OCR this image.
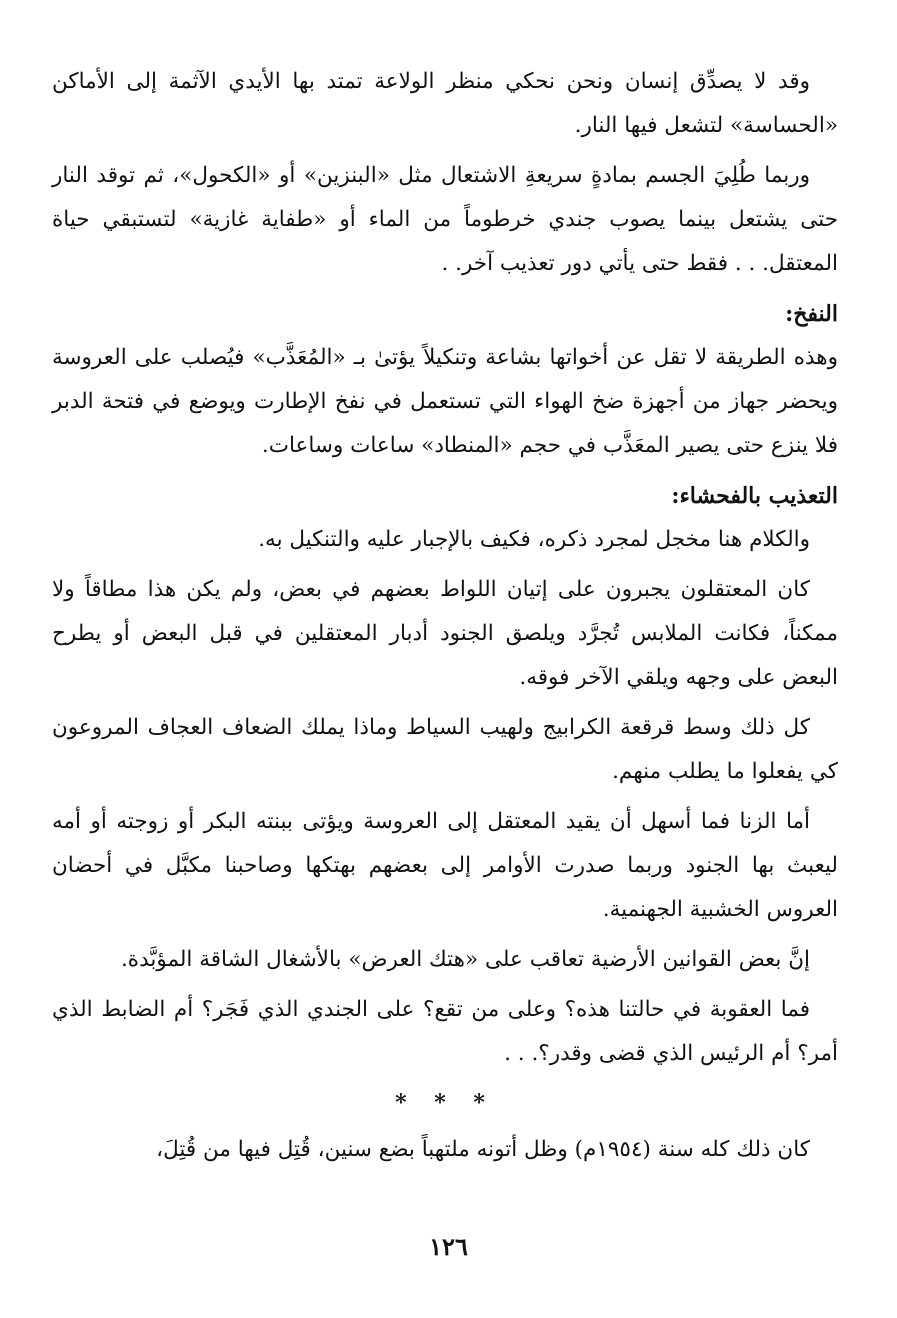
وقد لا يصدِّق إنسان ونحن نحكي منظر الولاعة تمتد بها الأيدي الآثمة إلى الأماكن «الحساسة» لتشعل فيها النار.

وربما طُلِيَ الجسم بمادةٍ سريعةِ الاشتعال مثل «البنزين» أو «الكحول»، ثم توقد النار حتى يشتعل بينما يصوب جندي خرطوماً من الماء أو «طفاية غازية» لتستبقي حياة المعتقل. . . فقط حتى يأتي دور تعذيب آخر. .

النفخ:

وهذه الطريقة لا تقل عن أخواتها بشاعة وتنكيلاً يؤتىٰ بـ «المُعَذَّب» فيُصلب على العروسة ويحضر جهاز من أجهزة ضخ الهواء التي تستعمل في نفخ الإطارت ويوضع في فتحة الدبر فلا ينزع حتى يصير المعَذَّب في حجم «المنطاد» ساعات وساعات.

التعذيب بالفحشاء:

والكلام هنا مخجل لمجرد ذكره، فكيف بالإجبار عليه والتنكيل به.

كان المعتقلون يجبرون على إتيان اللواط بعضهم في بعض، ولم يكن هذا مطاقاً ولا ممكناً، فكانت الملابس تُجرَّد ويلصق الجنود أدبار المعتقلين في قبل البعض أو يطرح البعض على وجهه ويلقي الآخر فوقه.

كل ذلك وسط قرقعة الكرابيج ولهيب السياط وماذا يملك الضعاف العجاف المروعون كي يفعلوا ما يطلب منهم.

أما الزنا فما أسهل أن يقيد المعتقل إلى العروسة ويؤتى ببنته البكر أو زوجته أو أمه ليعبث بها الجنود وربما صدرت الأوامر إلى بعضهم بهتكها وصاحبنا مكبَّل في أحضان العروس الخشبية الجهنمية.

إنَّ بعض القوانين الأرضية تعاقب على «هتك العرض» بالأشغال الشاقة المؤبَّدة.

فما العقوبة في حالتنا هذه؟ وعلى من تقع؟ على الجندي الذي فَجَر؟ أم الضابط الذي أمر؟ أم الرئيس الذي قضى وقدر؟. . .

* * *

كان ذلك كله سنة (١٩٥٤م) وظل أتونه ملتهباً بضع سنين، قُتِل فيها من قُتِلَ،

١٢٦
